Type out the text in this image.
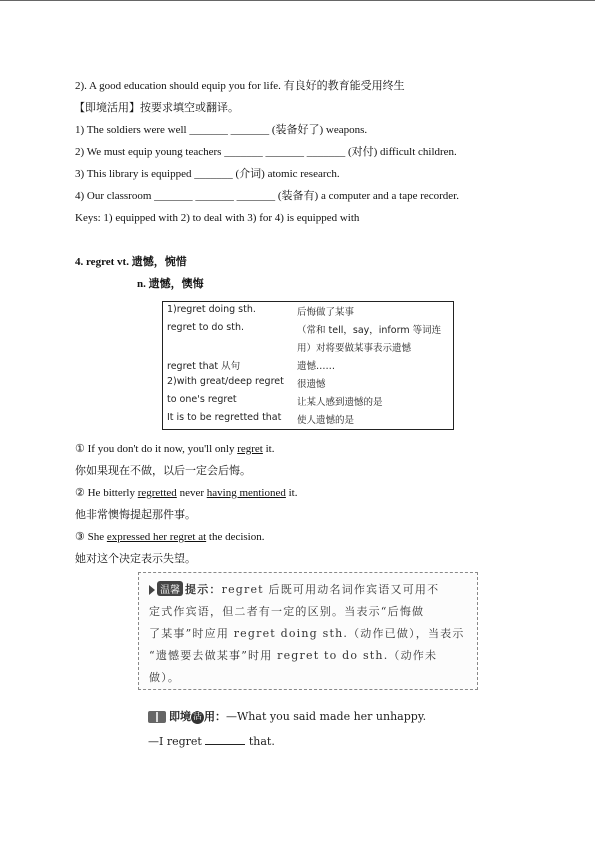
2). A good education should equip you for life. 有良好的教育能受用终生
【即境活用】按要求填空或翻译。
1) The soldiers were well _______ _______ (装备好了) weapons.
2) We must equip young teachers _______ _______ _______ (对付) difficult children.
3) This library is equipped _______ (介词) atomic research.
4) Our classroom _______ _______ _______ (装备有) a computer and a tape recorder.
Keys: 1) equipped with 2) to deal with 3) for 4) is equipped with
4. regret vt. 遗憾，惋惜
n. 遗憾，懊悔
1)regret doing sth.	后悔做了某事
regret to do sth.	（常和 tell，say，inform 等词连
用）对将要做某事表示遗憾
regret that 从句	遗憾……
2)with great/deep regret 很遗憾
to one's regret	让某人感到遗憾的是
It is to be regretted that 使人遗憾的是
① If you don't do it now, you'll only regret it.
你如果现在不做，以后一定会后悔。
② He bitterly regretted never having mentioned it.
他非常懊悔提起那件事。
③ She expressed her regret at the decision.
她对这个决定表示失望。
温馨 提示：regret 后既可用动名词作宾语又可用不
定式作宾语，但二者有一定的区别。当表示“后悔做
了某事”时应用 regret doing sth.（动作已做），当表示
“遗憾要去做某事”时用 regret to do sth.（动作未
做）。
即境 活 用：—What you said made her unhappy.
—I regret	that.
